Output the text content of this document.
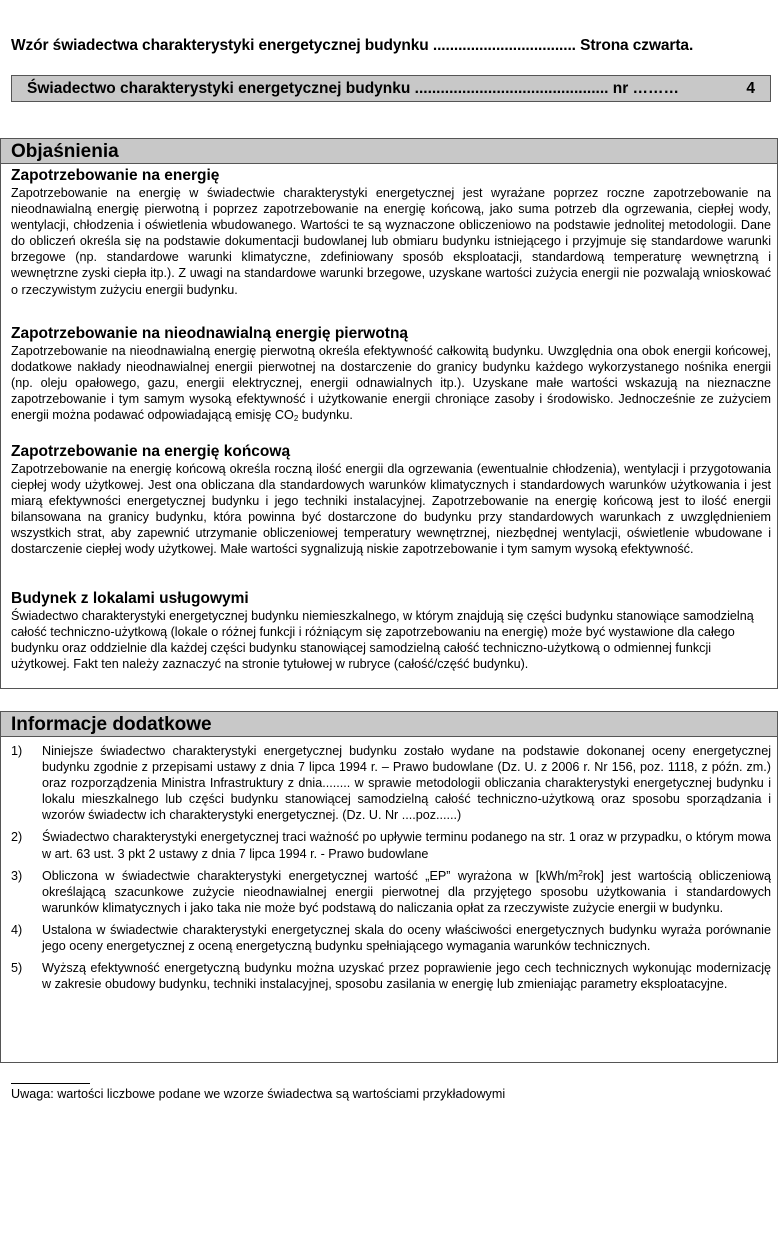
Wzór świadectwa charakterystyki energetycznej budynku .................................. Strona czwarta.
Świadectwo charakterystyki energetycznej budynku ............................................. nr ………	4
Objaśnienia
Zapotrzebowanie na energię

Zapotrzebowanie na energię w świadectwie charakterystyki energetycznej jest wyrażane poprzez roczne zapotrzebowanie na nieodnawialną energię pierwotną i poprzez zapotrzebowanie na energię końcową, jako suma potrzeb dla ogrzewania, ciepłej wody, wentylacji, chłodzenia i oświetlenia wbudowanego. Wartości te są wyznaczone obliczeniowo na podstawie jednolitej metodologii. Dane do obliczeń określa się na podstawie dokumentacji budowlanej lub obmiaru budynku istniejącego i przyjmuje się standardowe warunki brzegowe (np. standardowe warunki klimatyczne, zdefiniowany sposób eksploatacji, standardową temperaturę wewnętrzną i wewnętrzne zyski ciepła itp.). Z uwagi na standardowe warunki brzegowe, uzyskane wartości zużycia energii nie pozwalają wnioskować o rzeczywistym zużyciu energii budynku.

Zapotrzebowanie na nieodnawialną energię pierwotną

Zapotrzebowanie na nieodnawialną energię pierwotną określa efektywność całkowitą budynku. Uwzględnia ona obok energii końcowej, dodatkowe nakłady nieodnawialnej energii pierwotnej na dostarczenie do granicy budynku każdego wykorzystanego nośnika energii (np. oleju opałowego, gazu, energii elektrycznej, energii odnawialnych itp.). Uzyskane małe wartości wskazują na nieznaczne zapotrzebowanie i tym samym wysoką efektywność i użytkowanie energii chroniące zasoby i środowisko. Jednocześnie ze zużyciem energii można podawać odpowiadającą emisję $CO_2$ budynku.

Zapotrzebowanie na energię końcową

Zapotrzebowanie na energię końcową określa roczną ilość energii dla ogrzewania (ewentualnie chłodzenia), wentylacji i przygotowania ciepłej wody użytkowej. Jest ona obliczana dla standardowych warunków klimatycznych i standardowych warunków użytkowania i jest miarą efektywności energetycznej budynku i jego techniki instalacyjnej. Zapotrzebowanie na energię końcową jest to ilość energii bilansowana na granicy budynku, która powinna być dostarczone do budynku przy standardowych warunkach z uwzględnieniem wszystkich strat, aby zapewnić utrzymanie obliczeniowej temperatury wewnętrznej, niezbędnej wentylacji, oświetlenie wbudowane i dostarczenie ciepłej wody użytkowej. Małe wartości sygnalizują niskie zapotrzebowanie i tym samym wysoką efektywność.

Budynek z lokalami usługowymi

Świadectwo charakterystyki energetycznej budynku niemieszkalnego, w którym znajdują się części budynku stanowiące samodzielną całość techniczno-użytkową (lokale o różnej funkcji i różniącym się zapotrzebowaniu na energię) może być wystawione dla całego budynku oraz oddzielnie dla każdej części budynku stanowiącej samodzielną całość techniczno-użytkową o odmiennej funkcji użytkowej. Fakt ten należy zaznaczyć na stronie tytułowej w rubryce (całość/część budynku).

Informacje dodatkowe
1) Niniejsze świadectwo charakterystyki energetycznej budynku zostało wydane na podstawie dokonanej oceny energetycznej budynku zgodnie z przepisami ustawy z dnia 7 lipca 1994 r. – Prawo budowlane (Dz. U. z 2006 r. Nr 156, poz. 1118, z późn. zm.) oraz rozporządzenia Ministra Infrastruktury z dnia........ w sprawie metodologii obliczania charakterystyki energetycznej budynku i lokalu mieszkalnego lub części budynku stanowiącej samodzielną całość techniczno-użytkową oraz sposobu sporządzania i wzorów świadectw ich charakterystyki energetycznej. (Dz. U. Nr ....poz......)
2) Świadectwo charakterystyki energetycznej traci ważność po upływie terminu podanego na str. 1 oraz w przypadku, o którym mowa w art. 63 ust. 3 pkt 2 ustawy z dnia 7 lipca 1994 r. - Prawo budowlane
3) Obliczona w świadectwie charakterystyki energetycznej wartość „EP” wyrażona w $[kWh/m^2rok]$ jest wartością obliczeniową określającą szacunkowe zużycie nieodnawialnej energii pierwotnej dla przyjętego sposobu użytkowania i standardowych warunków klimatycznych i jako taka nie może być podstawą do naliczania opłat za rzeczywiste zużycie energii w budynku.
4) Ustalona w świadectwie charakterystyki energetycznej skala do oceny właściwości energetycznych budynku wyraża porównanie jego oceny energetycznej z oceną energetyczną budynku spełniającego wymagania warunków technicznych.
5) Wyższą efektywność energetyczną budynku można uzyskać przez poprawienie jego cech technicznych wykonując modernizację w zakresie obudowy budynku, techniki instalacyjnej, sposobu zasilania w energię lub zmieniając parametry eksploatacyjne.
Uwaga: wartości liczbowe podane we wzorze świadectwa są wartościami przykładowymi
